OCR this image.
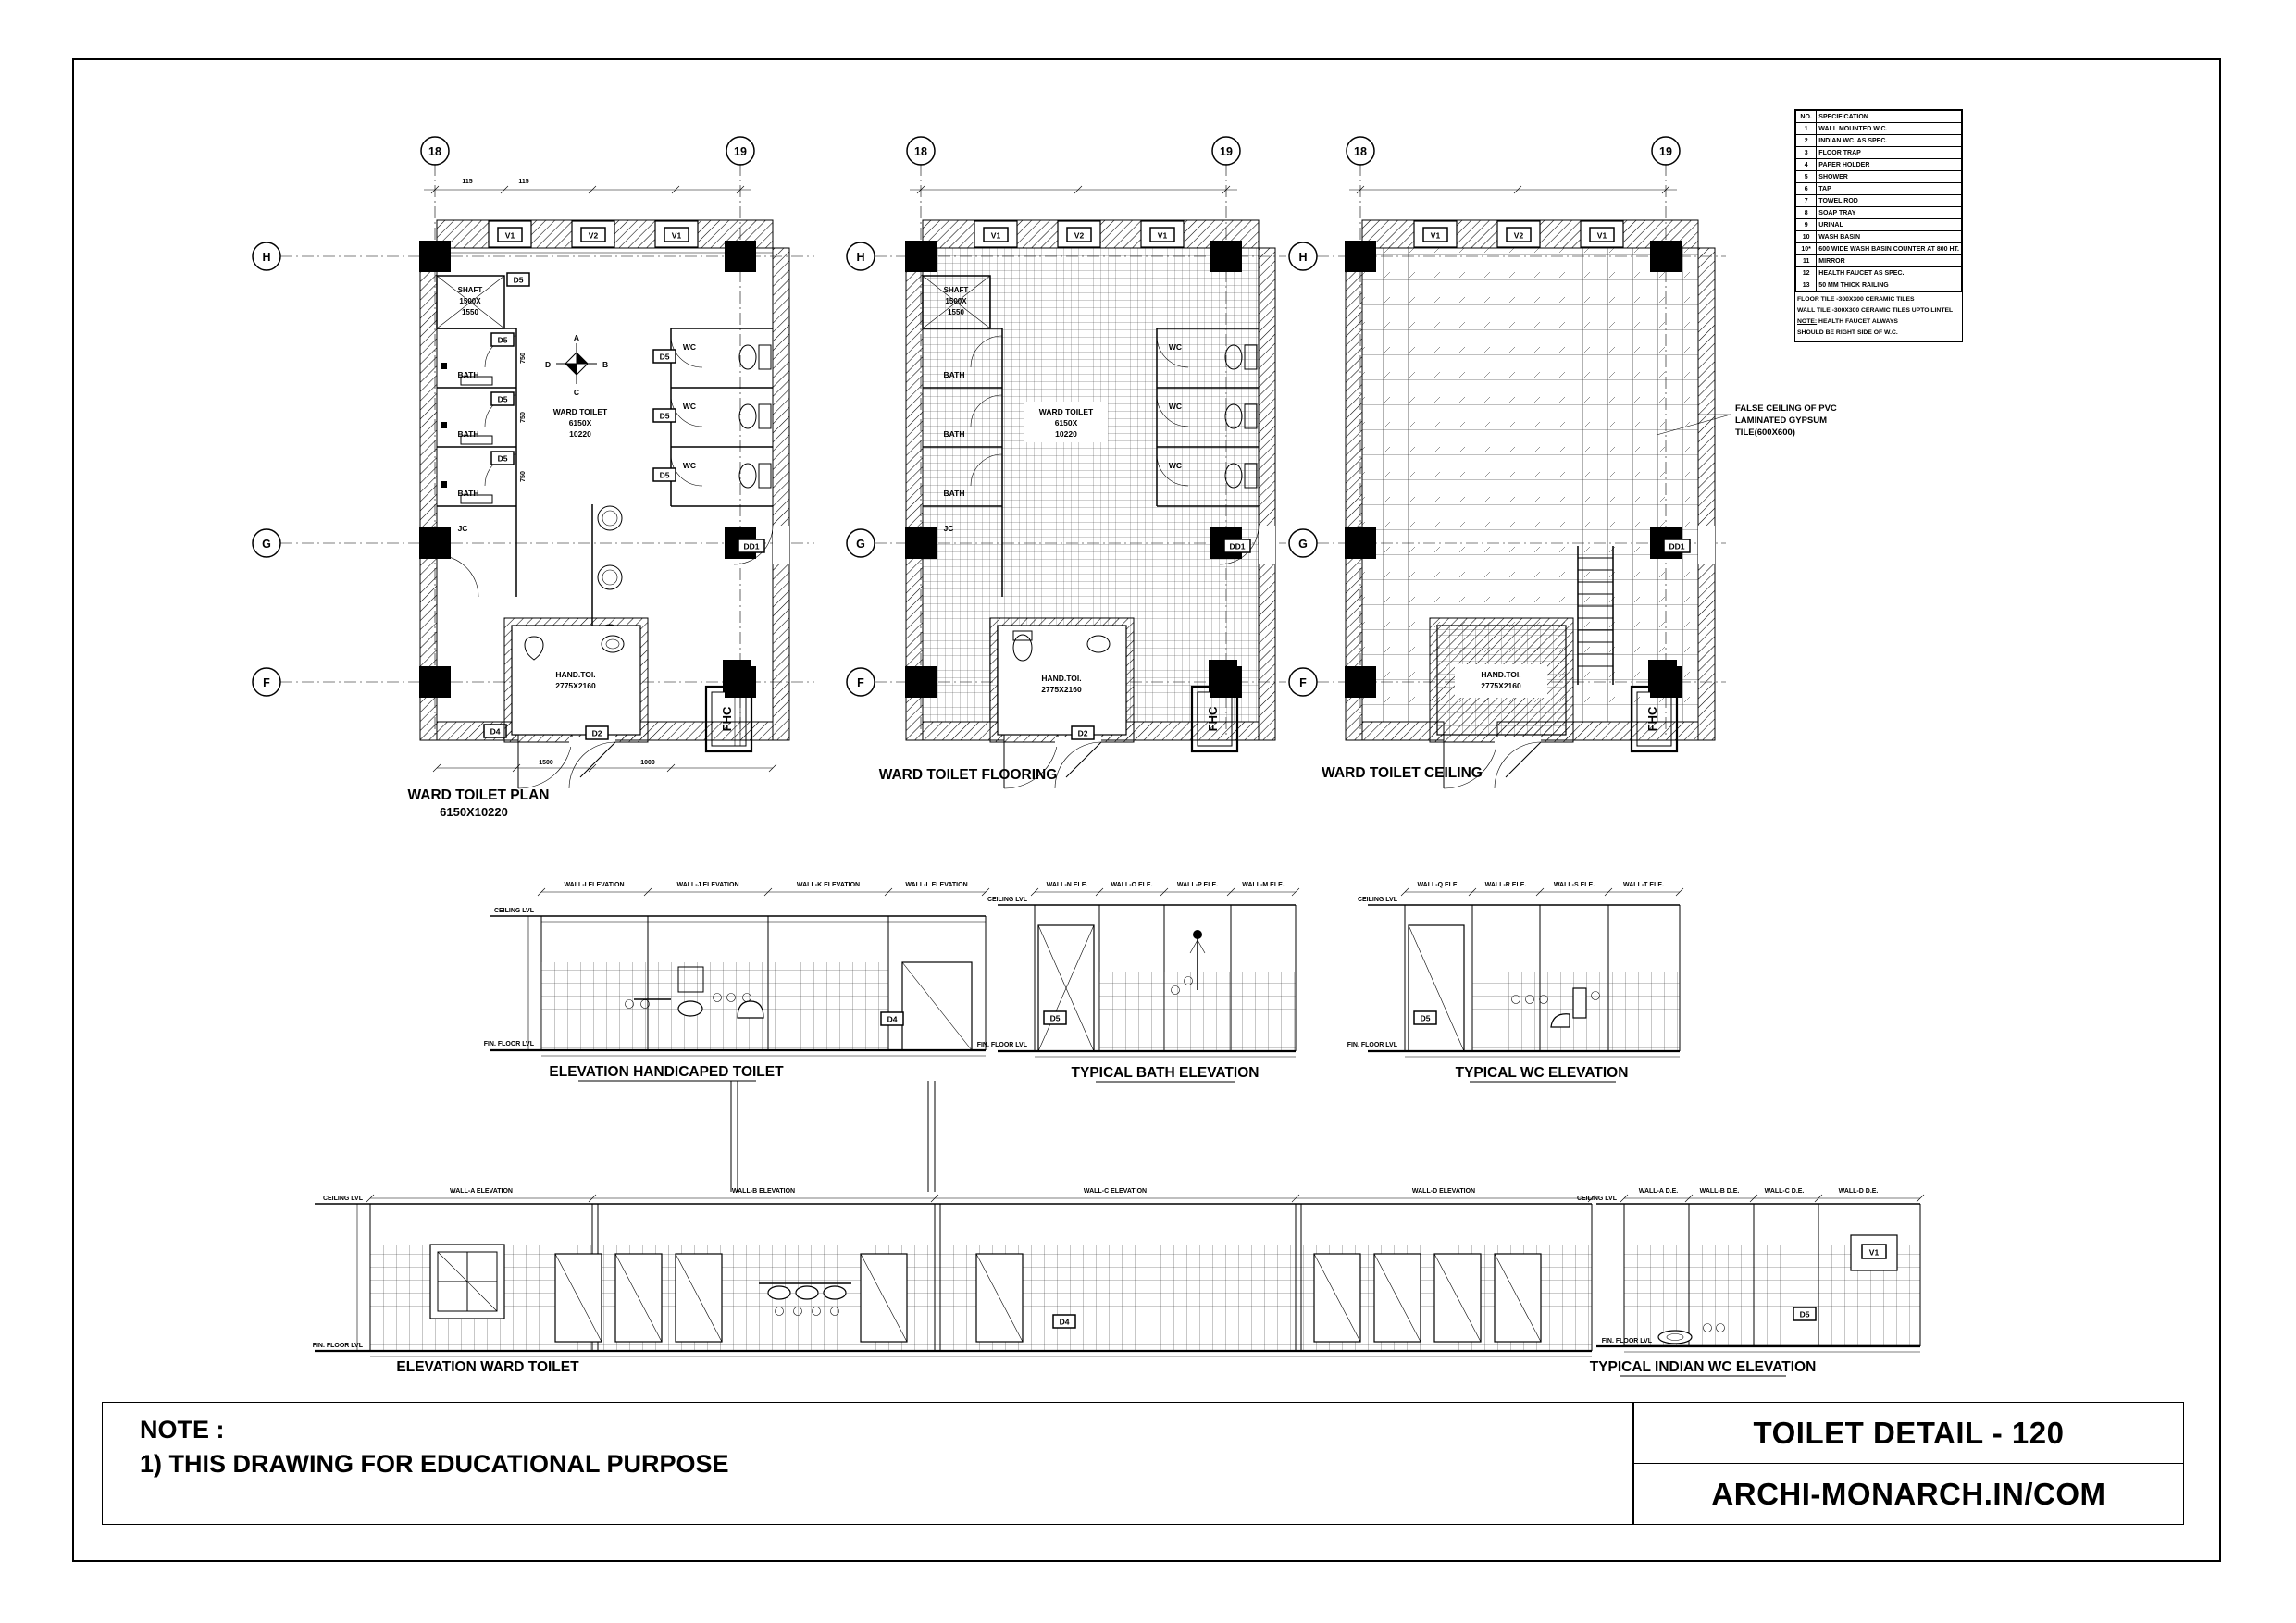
18	19
H
G
F
18	19
H
G
F
18	19
H
G
F
115	115
V1	V2	V1
D4
SHAFT
1500X
1550
D5
D5
D5
D5
BATH
BATH
BATH
750
750
750
JC
WC
WC
WC
D5
D5
D5
DD1
A
B
C
D
WARD TOILET
6150X
10220
HAND.TOI.
2775X2160
D2
FHC
1500	1000
WARD TOILET PLAN
6150X10220
V1	V2	V1
SHAFT
1500X
1550
BATH
BATH
BATH
JC
WC
WC
WC
WARD TOILET
6150X
10220
HAND.TOI.
2775X2160
D2
DD1
FHC
WARD TOILET FLOORING
V1	V2	V1
HAND.TOI.
2775X2160
DD1
FHC
WARD TOILET CEILING
FALSE CEILING OF PVC
LAMINATED GYPSUM
TILE(600X600)
WALL-I ELEVATION	WALL-J ELEVATION	WALL-K ELEVATION	WALL-L ELEVATION
CEILING LVL
D4
FIN. FLOOR LVL
ELEVATION HANDICAPED TOILET
WALL-N ELE.	WALL-O ELE.	WALL-P ELE.	WALL-M ELE.
CEILING LVL
D5
FIN. FLOOR LVL
TYPICAL BATH ELEVATION
WALL-Q ELE.	WALL-R ELE.	WALL-S ELE.	WALL-T ELE.
CEILING LVL
D5
FIN. FLOOR LVL
TYPICAL WC ELEVATION
WALL-A ELEVATION	WALL-B ELEVATION	WALL-C ELEVATION	WALL-D ELEVATION
CEILING LVL
D4
FIN. FLOOR LVL
ELEVATION WARD TOILET
WALL-A D.E.	WALL-B D.E.	WALL-C D.E.	WALL-D D.E.
CEILING LVL
V1
D5
FIN. FLOOR LVL
TYPICAL INDIAN WC ELEVATION
NO.	SPECIFICATION
1	WALL MOUNTED W.C.
2	INDIAN WC. AS SPEC.
3	FLOOR TRAP
4	PAPER HOLDER
5	SHOWER
6	TAP
7	TOWEL ROD
8	SOAP TRAY
9	URINAL
10	WASH BASIN
10*	600 WIDE WASH BASIN COUNTER AT 800 HT.
11	MIRROR
12	HEALTH FAUCET AS SPEC.
13	50 MM THICK RAILING
FLOOR TILE -300X300 CERAMIC TILES
WALL TILE -300X300 CERAMIC TILES UPTO LINTEL
NOTE: HEALTH FAUCET ALWAYS
SHOULD BE RIGHT SIDE OF W.C.
NOTE :
1) THIS DRAWING FOR EDUCATIONAL PURPOSE
TOILET DETAIL - 120
ARCHI-MONARCH.IN/COM
